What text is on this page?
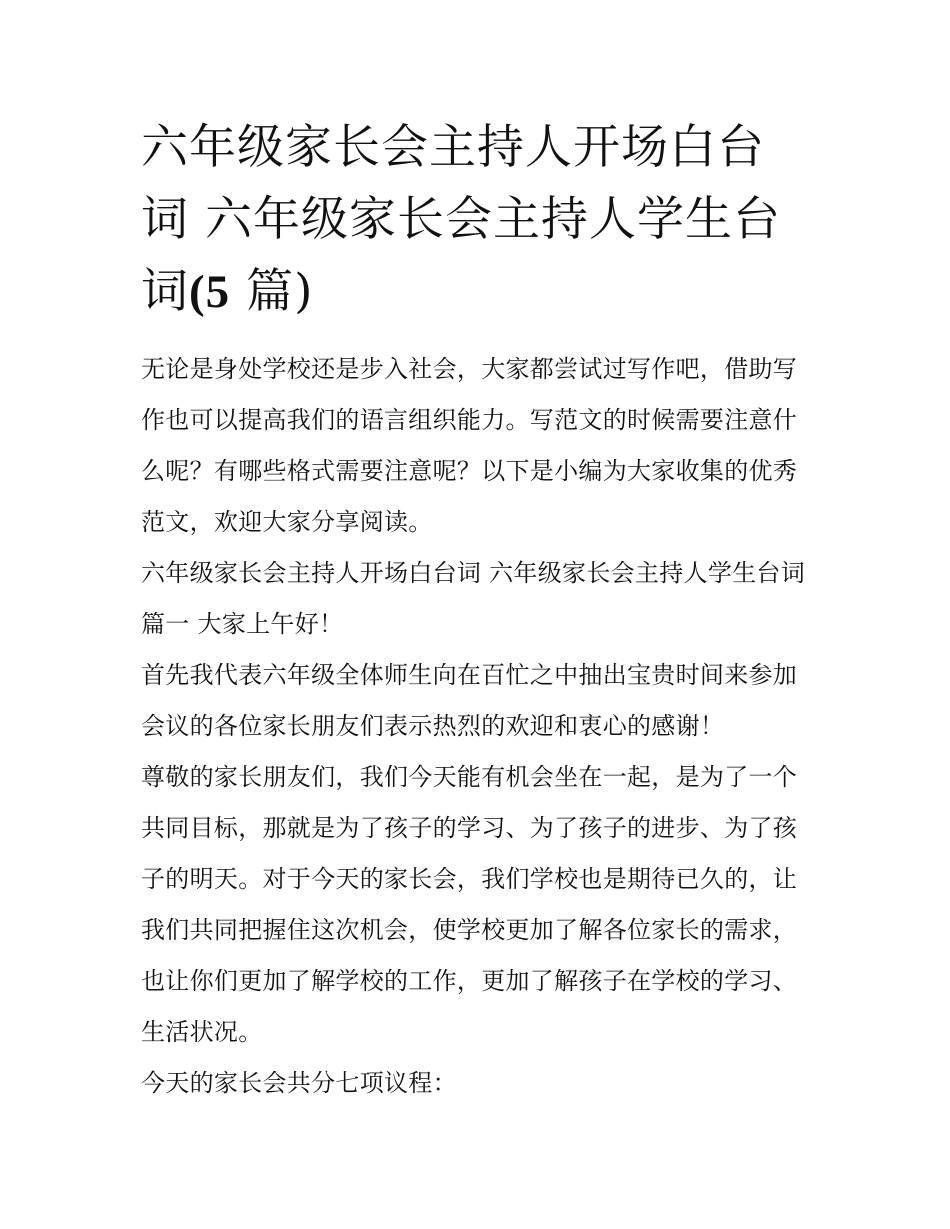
六年级家长会主持人开场白台词 六年级家长会主持人学生台词(5 篇)

无论是身处学校还是步入社会，大家都尝试过写作吧，借助写作也可以提高我们的语言组织能力。写范文的时候需要注意什么呢？有哪些格式需要注意呢？以下是小编为大家收集的优秀范文，欢迎大家分享阅读。

六年级家长会主持人开场白台词 六年级家长会主持人学生台词篇一 大家上午好！

首先我代表六年级全体师生向在百忙之中抽出宝贵时间来参加会议的各位家长朋友们表示热烈的欢迎和衷心的感谢！

尊敬的家长朋友们，我们今天能有机会坐在一起，是为了一个共同目标，那就是为了孩子的学习、为了孩子的进步、为了孩子的明天。对于今天的家长会，我们学校也是期待已久的，让我们共同把握住这次机会，使学校更加了解各位家长的需求，也让你们更加了解学校的工作，更加了解孩子在学校的学习、生活状况。

今天的家长会共分七项议程：
